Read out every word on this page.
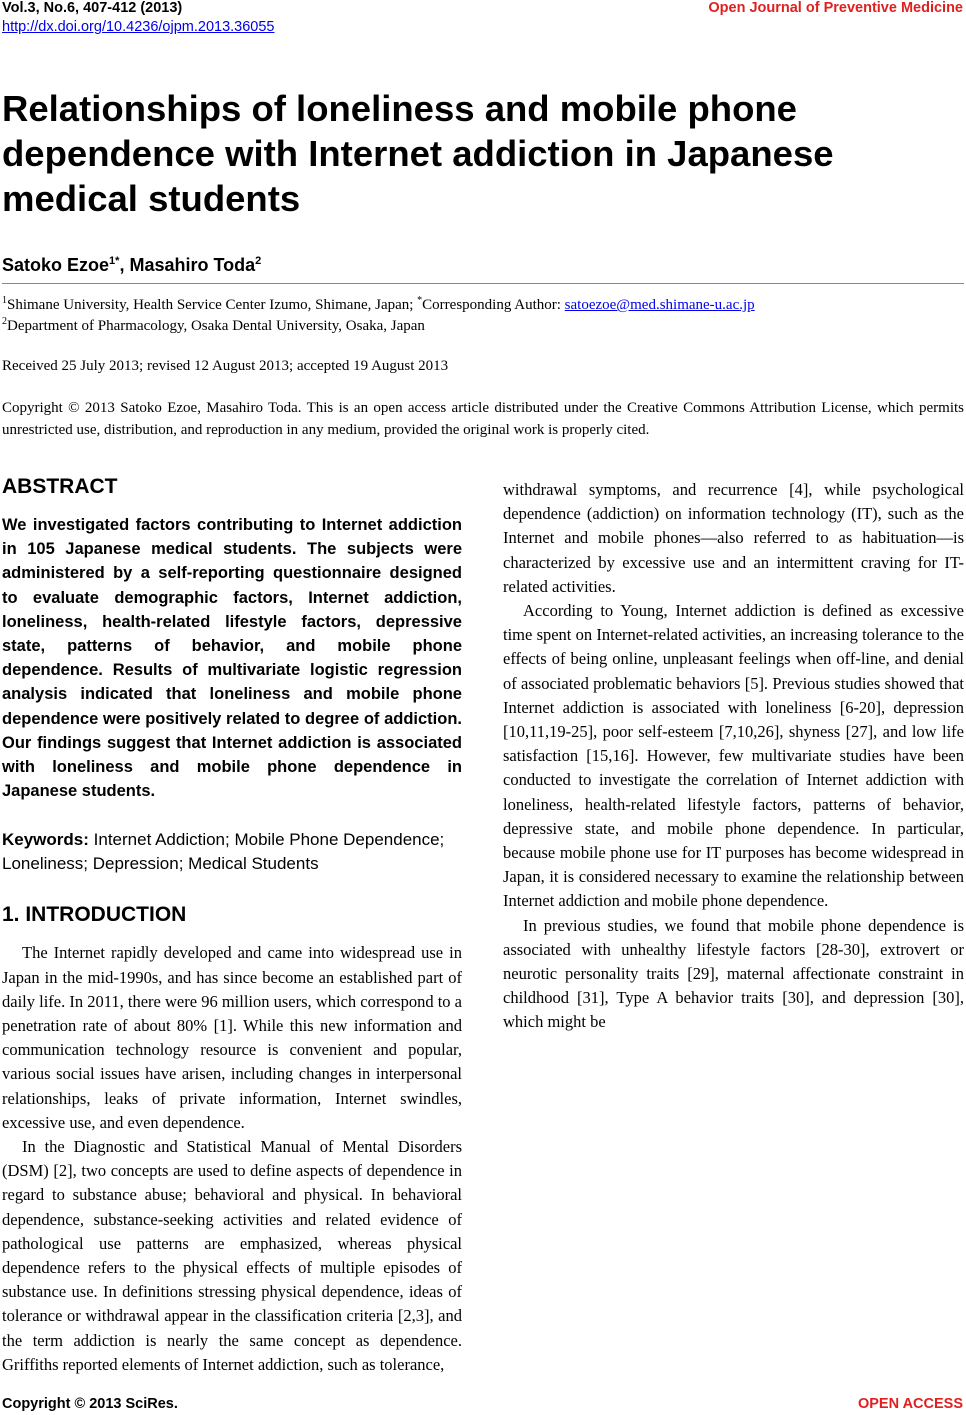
Vol.3, No.6, 407-412 (2013)
http://dx.doi.org/10.4236/ojpm.2013.36055
Open Journal of Preventive Medicine
Relationships of loneliness and mobile phone dependence with Internet addiction in Japanese medical students
Satoko Ezoe$^{1*}$, Masahiro Toda$^2$
$^1$Shimane University, Health Service Center Izumo, Shimane, Japan; *Corresponding Author: satoezoe@med.shimane-u.ac.jp
$^2$Department of Pharmacology, Osaka Dental University, Osaka, Japan
Received 25 July 2013; revised 12 August 2013; accepted 19 August 2013
Copyright © 2013 Satoko Ezoe, Masahiro Toda. This is an open access article distributed under the Creative Commons Attribution License, which permits unrestricted use, distribution, and reproduction in any medium, provided the original work is properly cited.
ABSTRACT

We investigated factors contributing to Internet addiction in 105 Japanese medical students. The subjects were administered by a self-reporting questionnaire designed to evaluate demographic factors, Internet addiction, loneliness, health-related lifestyle factors, depressive state, patterns of behavior, and mobile phone dependence. Results of multivariate logistic regression analysis indicated that loneliness and mobile phone dependence were positively related to degree of addiction. Our findings suggest that Internet addiction is associated with loneliness and mobile phone dependence in Japanese students.

Keywords: Internet Addiction; Mobile Phone Dependence; Loneliness; Depression; Medical Students

1. INTRODUCTION

The Internet rapidly developed and came into widespread use in Japan in the mid-1990s, and has since become an established part of daily life. In 2011, there were 96 million users, which correspond to a penetration rate of about 80% [1]. While this new information and communication technology resource is convenient and popular, various social issues have arisen, including changes in interpersonal relationships, leaks of private information, Internet swindles, excessive use, and even dependence.

In the Diagnostic and Statistical Manual of Mental Disorders (DSM) [2], two concepts are used to define aspects of dependence in regard to substance abuse; behavioral and physical. In behavioral dependence, substance-seeking activities and related evidence of pathological use patterns are emphasized, whereas physical dependence refers to the physical effects of multiple episodes of substance use. In definitions stressing physical dependence, ideas of tolerance or withdrawal appear in the classification criteria [2,3], and the term addiction is nearly the same concept as dependence. Griffiths reported elements of Internet addiction, such as tolerance,

withdrawal symptoms, and recurrence [4], while psychological dependence (addiction) on information technology (IT), such as the Internet and mobile phones—also referred to as habituation—is characterized by excessive use and an intermittent craving for IT-related activities.

According to Young, Internet addiction is defined as excessive time spent on Internet-related activities, an increasing tolerance to the effects of being online, unpleasant feelings when off-line, and denial of associated problematic behaviors [5]. Previous studies showed that Internet addiction is associated with loneliness [6-20], depression [10,11,19-25], poor self-esteem [7,10,26], shyness [27], and low life satisfaction [15,16]. However, few multivariate studies have been conducted to investigate the correlation of Internet addiction with loneliness, health-related lifestyle factors, patterns of behavior, depressive state, and mobile phone dependence. In particular, because mobile phone use for IT purposes has become widespread in Japan, it is considered necessary to examine the relationship between Internet addiction and mobile phone dependence.

In previous studies, we found that mobile phone dependence is associated with unhealthy lifestyle factors [28-30], extrovert or neurotic personality traits [29], maternal affectionate constraint in childhood [31], Type A behavior traits [30], and depression [30], which might be

Copyright © 2013 SciRes.	OPEN ACCESS
